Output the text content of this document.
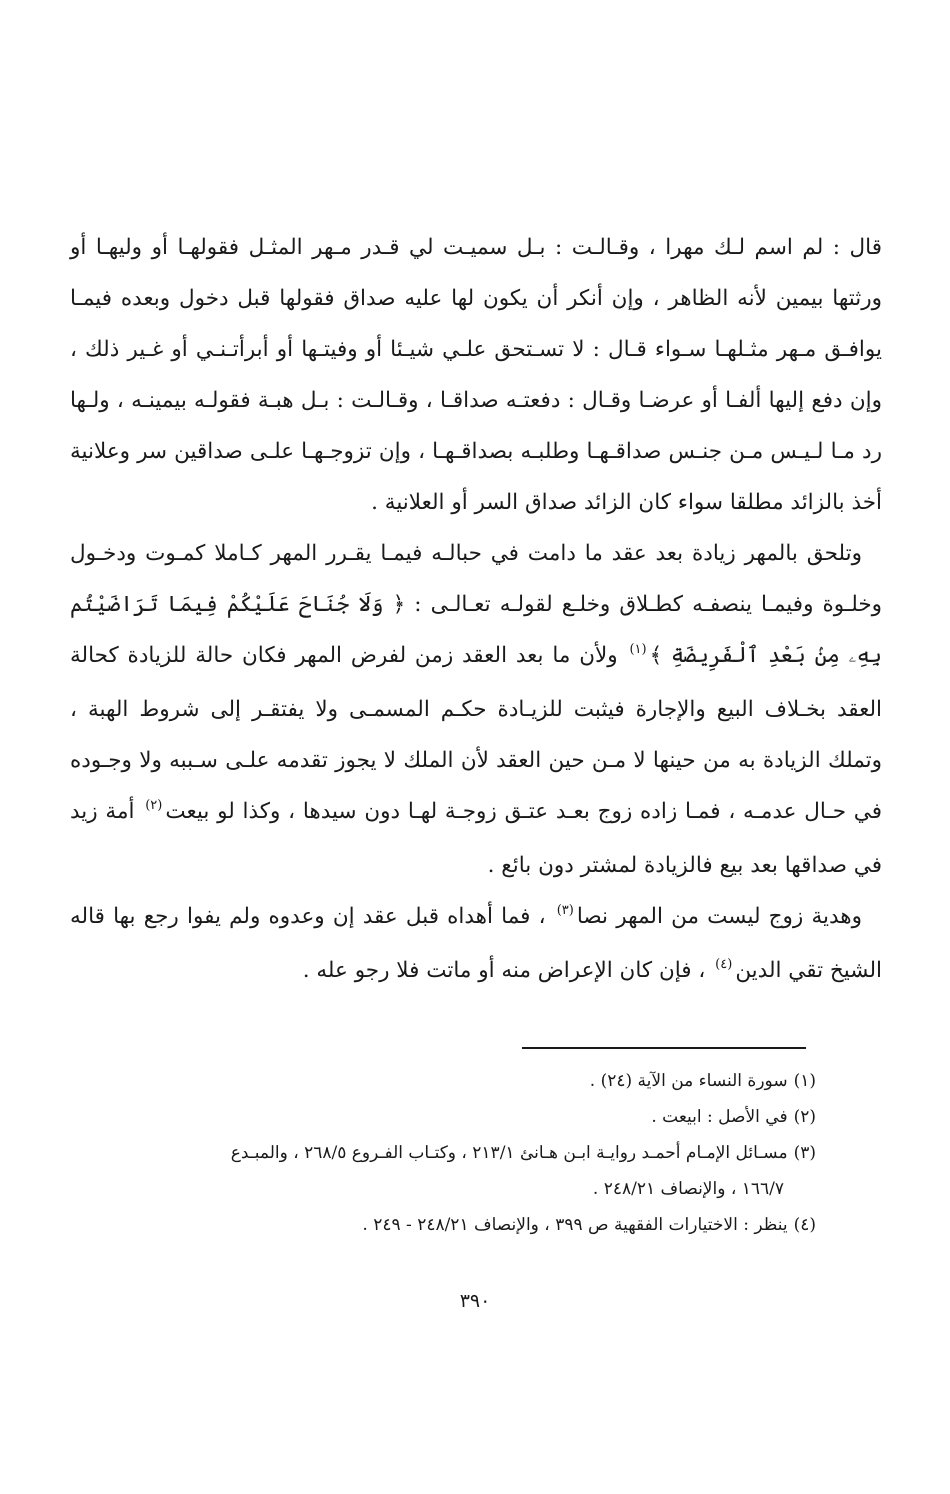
قال : لم اسم لـك مهرا ، وقـالـت : بـل سميـت لي قـدر مـهر المثـل فقولهـا أو وليهـا أو ورثتها بيمين لأنه الظاهر ، وإن أنكر أن يكون لها عليه صداق فقولها قبل دخول وبعده فيمـا يوافـق مـهر مثـلهـا سـواء قـال : لا تسـتحق علـي شيـئا أو وفيتـها أو أبرأتـنـي أو غـير ذلك ، وإن دفع إليها ألفـا أو عرضـا وقـال : دفعتـه صداقـا ، وقـالـت : بـل هبـة فقولـه بيمينـه ، ولـها رد مـا لـيـس مـن جنـس صداقـهـا وطلبـه بصداقـهـا ، وإن تزوجـهـا علـى صداقين سر وعلانية أخذ بالزائد مطلقا سواء كان الزائد صداق السر أو العلانية .

وتلحق بالمهر زيادة بعد عقد ما دامت في حبالـه فيمـا يقـرر المهر كـاملا كمـوت ودخـول وخلـوة وفيمـا ينصفـه كطـلاق وخلـع لقولـه تعـالـى : ﴿ وَلَا جُنَاحَ عَلَيْكُمْ فِيمَا تَرَاضَيْتُم بِهِۦ مِنۢ بَعْدِ ٱلْفَرِيضَةِ ﴾$^{(١)}$ ولأن ما بعد العقد زمن لفرض المهر فكان حالة للزيادة كحالة العقد بخـلاف البيع والإجارة فيثبت للزيـادة حكـم المسمـى ولا يفتقـر إلى شروط الهبة ، وتملك الزيادة به من حينها لا مـن حين العقد لأن الملك لا يجوز تقدمه علـى سـببه ولا وجـوده في حـال عدمـه ، فمـا زاده زوج بعـد عتـق زوجـة لهـا دون سيدها ، وكذا لو بيعت$^{(٢)}$ أمة زيد في صداقها بعد بيع فالزيادة لمشتر دون بائع .

وهدية زوج ليست من المهر نصا$^{(٣)}$ ، فما أهداه قبل عقد إن وعدوه ولم يفوا رجع بها قاله الشيخ تقي الدين$^{(٤)}$ ، فإن كان الإعراض منه أو ماتت فلا رجو عله .

(١)سورة النساء من الآية (٢٤) .

(٢)في الأصل : ابيعت .

(٣)مسـائل الإمـام أحمـد روايـة ابـن هـانئ ٢١٣/١ ، وكتـاب الفـروع ٢٦٨/٥ ، والمبـدع
١٦٦/٧ ، والإنصاف ٢٤٨/٢١ .

(٤)ينظر : الاختيارات الفقهية ص ٣٩٩ ، والإنصاف ٢٤٨/٢١ - ٢٤٩ .

٣٩٠
